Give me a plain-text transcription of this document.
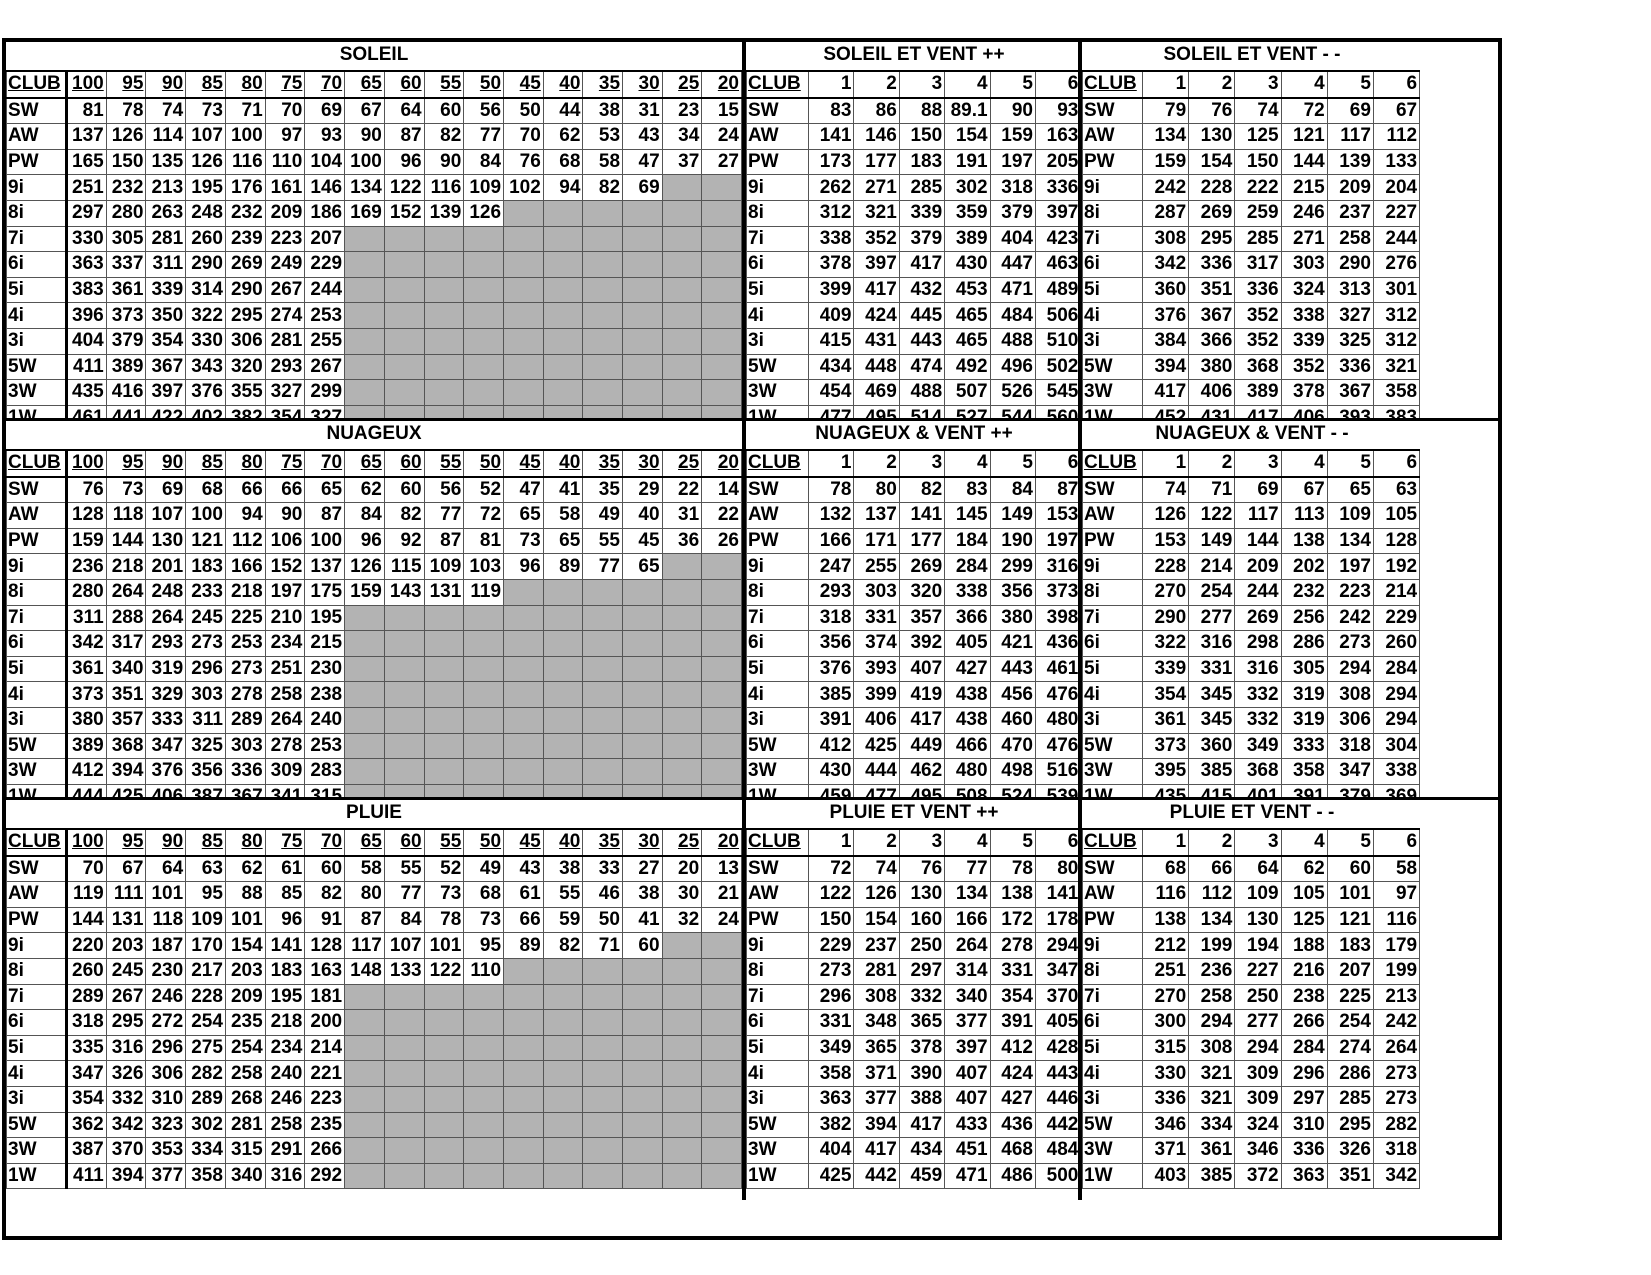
SOLEIL
CLUB	100	95	90	85	80	75	70	65	60	55	50	45	40	35	30	25	20
SW	81	78	74	73	71	70	69	67	64	60	56	50	44	38	31	23	15
AW	137	126	114	107	100	97	93	90	87	82	77	70	62	53	43	34	24
PW	165	150	135	126	116	110	104	100	96	90	84	76	68	58	47	37	27
9i	251	232	213	195	176	161	146	134	122	116	109	102	94	82	69		
8i	297	280	263	248	232	209	186	169	152	139	126						
7i	330	305	281	260	239	223	207										
6i	363	337	311	290	269	249	229										
5i	383	361	339	314	290	267	244										
4i	396	373	350	322	295	274	253										
3i	404	379	354	330	306	281	255										
5W	411	389	367	343	320	293	267										
3W	435	416	397	376	355	327	299										

SOLEIL ET VENT ++
CLUB	1	2	3	4	5	6
SW	83	86	88	89.1	90	93
AW	141	146	150	154	159	163
PW	173	177	183	191	197	205
9i	262	271	285	302	318	336
8i	312	321	339	359	379	397
7i	338	352	379	389	404	423
6i	378	397	417	430	447	463
5i	399	417	432	453	471	489
4i	409	424	445	465	484	506
3i	415	431	443	465	488	510
5W	434	448	474	492	496	502
3W	454	469	488	507	526	545

SOLEIL ET VENT - -
CLUB	1	2	3	4	5	6
SW	79	76	74	72	69	67
AW	134	130	125	121	117	112
PW	159	154	150	144	139	133
9i	242	228	222	215	209	204
8i	287	269	259	246	237	227
7i	308	295	285	271	258	244
6i	342	336	317	303	290	276
5i	360	351	336	324	313	301
4i	376	367	352	338	327	312
3i	384	366	352	339	325	312
5W	394	380	368	352	336	321
3W	417	406	389	378	367	358

NUAGEUX
CLUB	100	95	90	85	80	75	70	65	60	55	50	45	40	35	30	25	20
SW	76	73	69	68	66	66	65	62	60	56	52	47	41	35	29	22	14
AW	128	118	107	100	94	90	87	84	82	77	72	65	58	49	40	31	22
PW	159	144	130	121	112	106	100	96	92	87	81	73	65	55	45	36	26
9i	236	218	201	183	166	152	137	126	115	109	103	96	89	77	65		
8i	280	264	248	233	218	197	175	159	143	131	119						
7i	311	288	264	245	225	210	195										
6i	342	317	293	273	253	234	215										
5i	361	340	319	296	273	251	230										
4i	373	351	329	303	278	258	238										
3i	380	357	333	311	289	264	240										
5W	389	368	347	325	303	278	253										
3W	412	394	376	356	336	309	283										

NUAGEUX & VENT ++
CLUB	1	2	3	4	5	6
SW	78	80	82	83	84	87
AW	132	137	141	145	149	153
PW	166	171	177	184	190	197
9i	247	255	269	284	299	316
8i	293	303	320	338	356	373
7i	318	331	357	366	380	398
6i	356	374	392	405	421	436
5i	376	393	407	427	443	461
4i	385	399	419	438	456	476
3i	391	406	417	438	460	480
5W	412	425	449	466	470	476
3W	430	444	462	480	498	516

NUAGEUX & VENT - -
CLUB	1	2	3	4	5	6
SW	74	71	69	67	65	63
AW	126	122	117	113	109	105
PW	153	149	144	138	134	128
9i	228	214	209	202	197	192
8i	270	254	244	232	223	214
7i	290	277	269	256	242	229
6i	322	316	298	286	273	260
5i	339	331	316	305	294	284
4i	354	345	332	319	308	294
3i	361	345	332	319	306	294
5W	373	360	349	333	318	304
3W	395	385	368	358	347	338

PLUIE
CLUB	100	95	90	85	80	75	70	65	60	55	50	45	40	35	30	25	20
SW	70	67	64	63	62	61	60	58	55	52	49	43	38	33	27	20	13
AW	119	111	101	95	88	85	82	80	77	73	68	61	55	46	38	30	21
PW	144	131	118	109	101	96	91	87	84	78	73	66	59	50	41	32	24
9i	220	203	187	170	154	141	128	117	107	101	95	89	82	71	60		
8i	260	245	230	217	203	183	163	148	133	122	110						
7i	289	267	246	228	209	195	181										
6i	318	295	272	254	235	218	200										
5i	335	316	296	275	254	234	214										
4i	347	326	306	282	258	240	221										
3i	354	332	310	289	268	246	223										
5W	362	342	323	302	281	258	235										
3W	387	370	353	334	315	291	266										
1W	411	394	377	358	340	316	292										
PLUIE ET VENT ++
CLUB	1	2	3	4	5	6
SW	72	74	76	77	78	80
AW	122	126	130	134	138	141
PW	150	154	160	166	172	178
9i	229	237	250	264	278	294
8i	273	281	297	314	331	347
7i	296	308	332	340	354	370
6i	331	348	365	377	391	405
5i	349	365	378	397	412	428
4i	358	371	390	407	424	443
3i	363	377	388	407	427	446
5W	382	394	417	433	436	442
3W	404	417	434	451	468	484
1W	425	442	459	471	486	500
PLUIE ET VENT - -
CLUB	1	2	3	4	5	6
SW	68	66	64	62	60	58
AW	116	112	109	105	101	97
PW	138	134	130	125	121	116
9i	212	199	194	188	183	179
8i	251	236	227	216	207	199
7i	270	258	250	238	225	213
6i	300	294	277	266	254	242
5i	315	308	294	284	274	264
4i	330	321	309	296	286	273
3i	336	321	309	297	285	273
5W	346	334	324	310	295	282
3W	371	361	346	336	326	318
1W	403	385	372	363	351	342
